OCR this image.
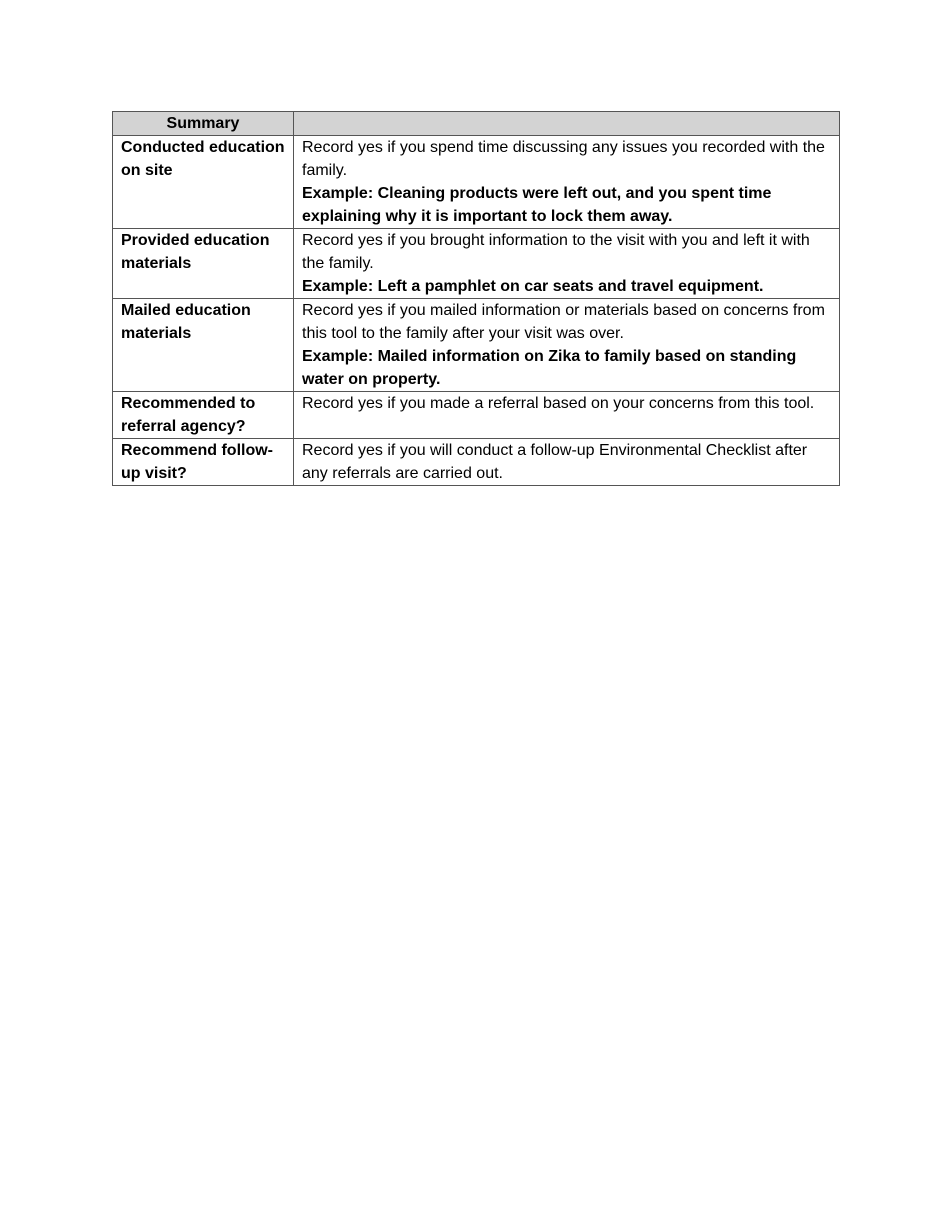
Summary	
Conducted education on site	Record yes if you spend time discussing any issues you recorded with the family.
Example: Cleaning products were left out, and you spent time explaining why it is important to lock them away.

Provided education materials	Record yes if you brought information to the visit with you and left it with the family.
Example: Left a pamphlet on car seats and travel equipment.

Mailed education materials	Record yes if you mailed information or materials based on concerns from this tool to the family after your visit was over.
Example: Mailed information on Zika to family based on standing water on property.

Recommended to referral agency?	Record yes if you made a referral based on your concerns from this tool.

Recommend follow-up visit?	Record yes if you will conduct a follow-up Environmental Checklist after any referrals are carried out.
